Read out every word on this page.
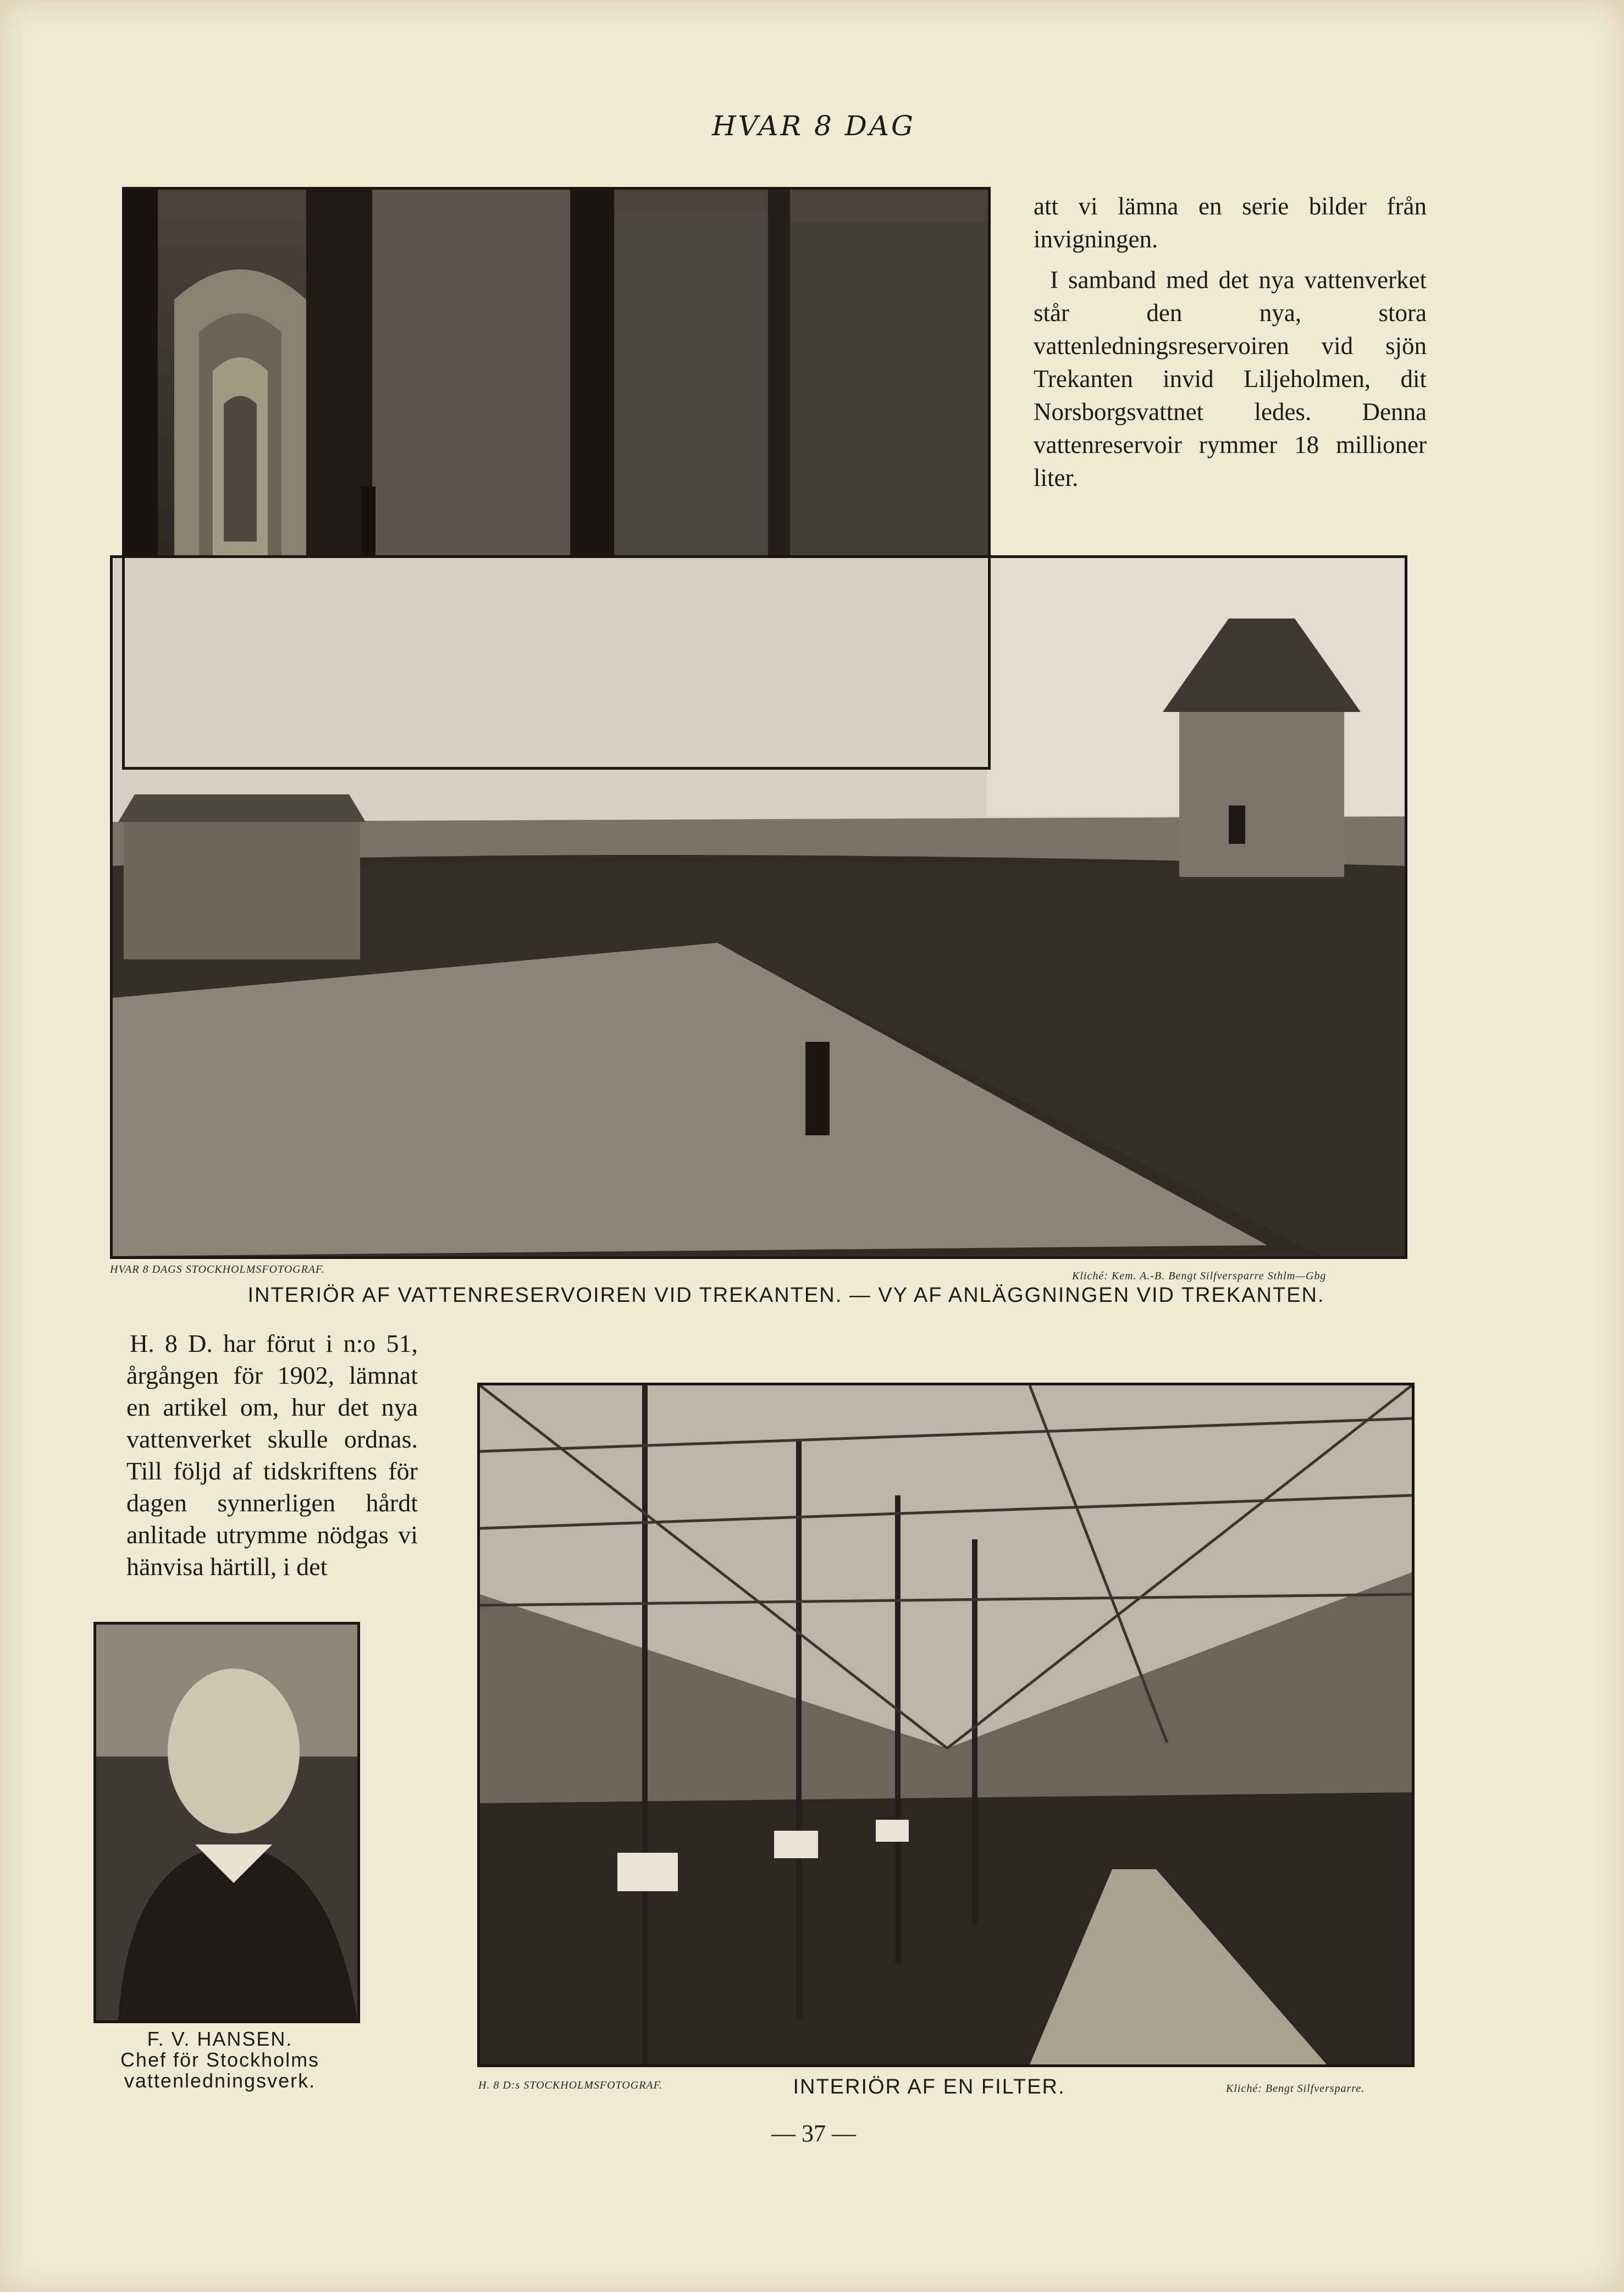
HVAR 8 DAG

att vi lämna en serie bilder från invigningen.

I samband med det nya vattenverket står den nya, stora vattenledningsreservoiren vid sjön Trekanten invid Liljeholmen, dit Norsborgsvattnet ledes. Denna vattenreservoir rymmer 18 millioner liter.

HVAR 8 DAGS STOCKHOLMSFOTOGRAF.
Kliché: Kem. A.-B. Bengt Silfversparre Sthlm—Gbg
INTERIÖR AF VATTENRESERVOIREN VID TREKANTEN. — VY AF ANLÄGGNINGEN VID TREKANTEN.

H. 8 D. har förut i n:o 51, årgången för 1902, lämnat en artikel om, hur det nya vattenverket skulle ordnas. Till följd af tidskriftens för dagen synnerligen hårdt anlitade utrymme nödgas vi hänvisa härtill, i det

F. V. HANSEN.
Chef för Stockholms
vattenledningsverk.	H. 8 D:s STOCKHOLMSFOTOGRAF.	INTERIÖR AF EN FILTER.	Kliché: Bengt Silfversparre.
— 37 —
